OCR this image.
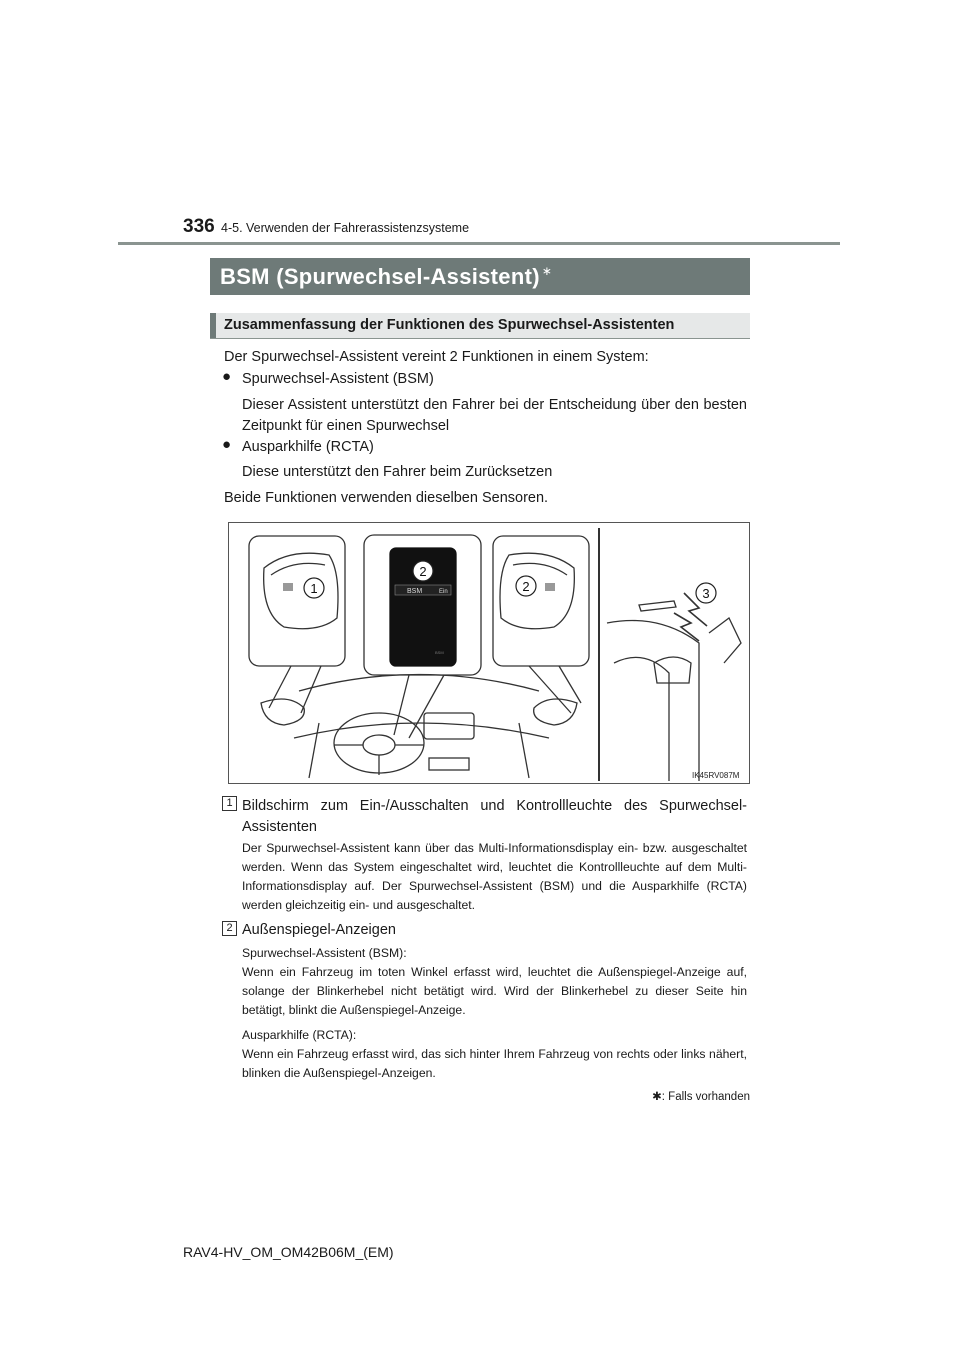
336 4-5. Verwenden der Fahrerassistenzsysteme
BSM (Spurwechsel-Assistent) ∗
Zusammenfassung der Funktionen des Spurwechsel-Assistenten
Der Spurwechsel-Assistent vereint 2 Funktionen in einem System:
● Spurwechsel-Assistent (BSM)
Dieser Assistent unterstützt den Fahrer bei der Entscheidung über den besten Zeitpunkt für einen Spurwechsel
● Ausparkhilfe (RCTA)
Diese unterstützt den Fahrer beim Zurücksetzen
Beide Funktionen verwenden dieselben Sensoren.
1
2
2	3
BSM	Ein
BSM
IK45RV087M
1 Bildschirm zum Ein-/Ausschalten und Kontrollleuchte des Spurwechsel-Assistenten
Der Spurwechsel-Assistent kann über das Multi-Informationsdisplay ein- bzw. ausgeschaltet werden. Wenn das System eingeschaltet wird, leuchtet die Kontrollleuchte auf dem Multi-Informationsdisplay auf. Der Spurwechsel-Assistent (BSM) und die Ausparkhilfe (RCTA) werden gleichzeitig ein- und ausgeschaltet.
2 Außenspiegel-Anzeigen
Spurwechsel-Assistent (BSM):
Wenn ein Fahrzeug im toten Winkel erfasst wird, leuchtet die Außenspiegel-Anzeige auf, solange der Blinkerhebel nicht betätigt wird. Wird der Blinkerhebel zu dieser Seite hin betätigt, blinkt die Außenspiegel-Anzeige.
Ausparkhilfe (RCTA):
Wenn ein Fahrzeug erfasst wird, das sich hinter Ihrem Fahrzeug von rechts oder links nähert, blinken die Außenspiegel-Anzeigen.
✱: Falls vorhanden
RAV4-HV_OM_OM42B06M_(EM)
